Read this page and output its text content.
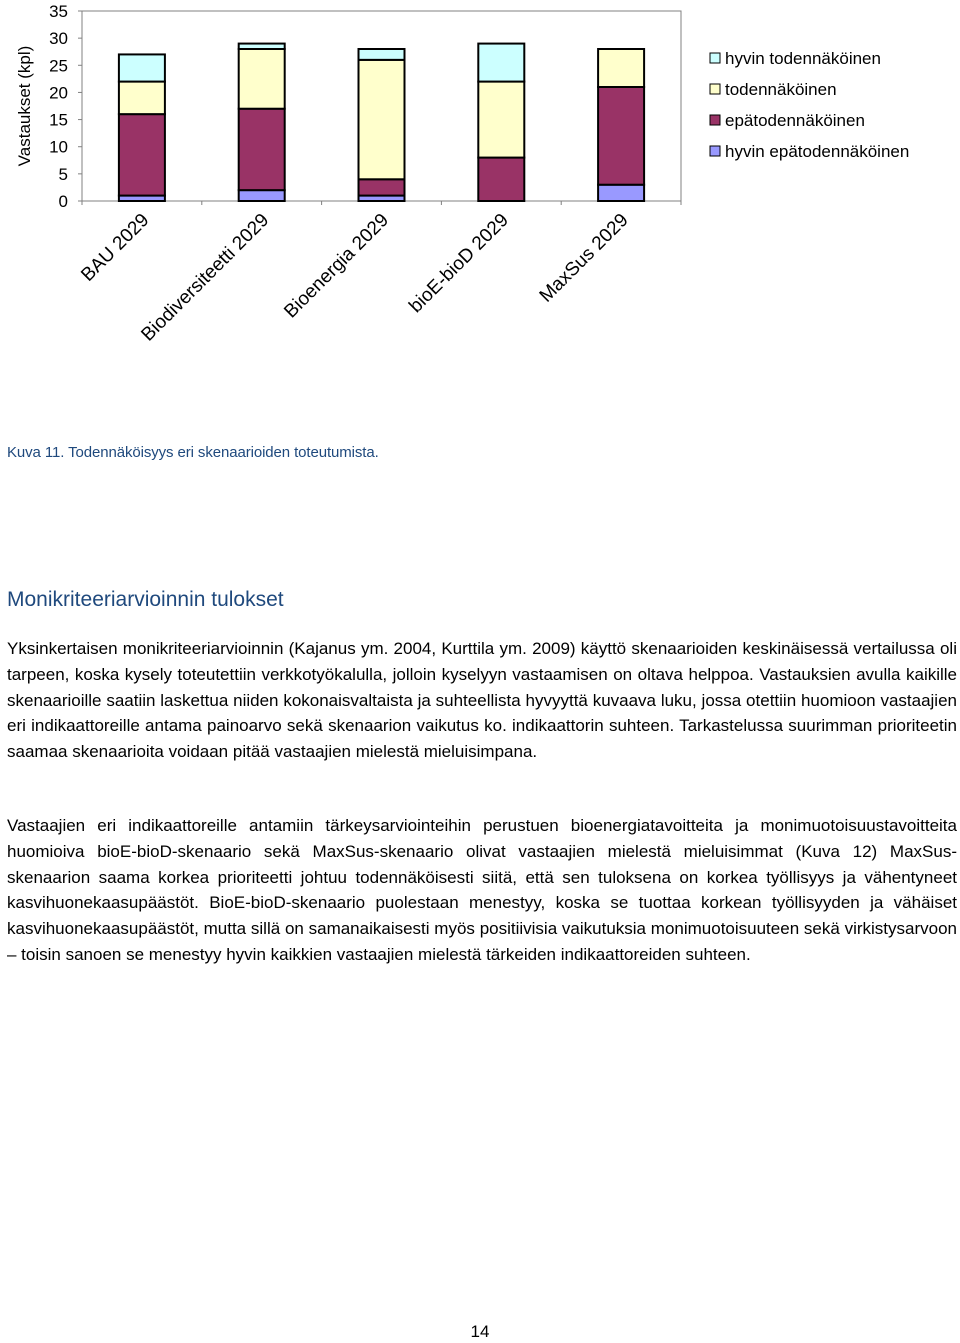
0
5
10
15
20
25
30
35
BAU 2029
Biodiversiteetti 2029 Bioenergia 2029 bioE-bioD 2029 MaxSus 2029
hyvin todennäköinen
todennäköinen
epätodennäköinen
hyvin epätodennäköinen
Vastaukset (kpl)
Kuva 11. Todennäköisyys eri skenaarioiden toteutumista.
Monikriteeriarvioinnin tulokset

Yksinkertaisen monikriteeriarvioinnin (Kajanus ym. 2004, Kurttila ym. 2009) käyttö skenaarioiden keskinäisessä vertailussa oli tarpeen, koska kysely toteutettiin verkkotyökalulla, jolloin kyselyyn vastaamisen on oltava helppoa. Vastauksien avulla kaikille skenaarioille saatiin laskettua niiden kokonaisvaltaista ja suhteellista hyvyyttä kuvaava luku, jossa otettiin huomioon vastaajien eri indikaattoreille antama painoarvo sekä skenaarion vaikutus ko. indikaattorin suhteen. Tarkastelussa suurimman prioriteetin saamaa skenaarioita voidaan pitää vastaajien mielestä mieluisimpana.

Vastaajien eri indikaattoreille antamiin tärkeysarviointeihin perustuen bioenergiatavoitteita ja monimuotoisuustavoitteita huomioiva bioE-bioD-skenaario sekä MaxSus-skenaario olivat vastaajien mielestä mieluisimmat (Kuva 12) MaxSus-skenaarion saama korkea prioriteetti johtuu todennäköisesti siitä, että sen tuloksena on korkea työllisyys ja vähentyneet kasvihuonekaasupäästöt. BioE-bioD-skenaario puolestaan menestyy, koska se tuottaa korkean työllisyyden ja vähäiset kasvihuonekaasupäästöt, mutta sillä on samanaikaisesti myös positiivisia vaikutuksia monimuotoisuuteen sekä virkistysarvoon – toisin sanoen se menestyy hyvin kaikkien vastaajien mielestä tärkeiden indikaattoreiden suhteen.

14
